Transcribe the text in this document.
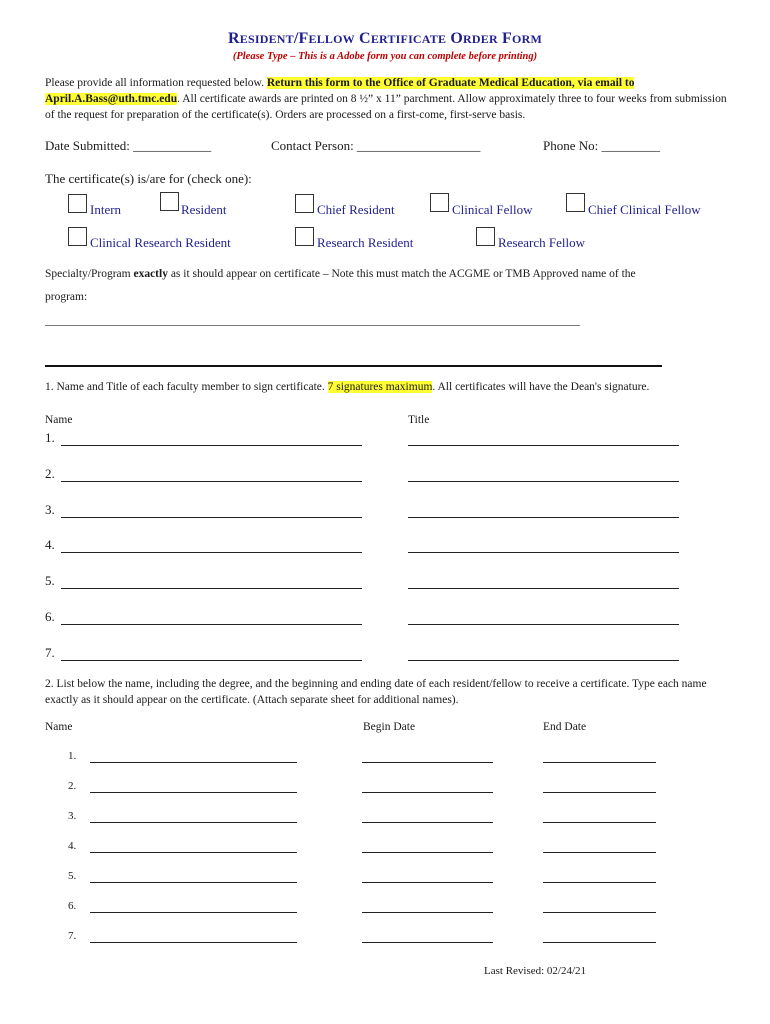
RESIDENT/FELLOW CERTIFICATE ORDER FORM
(Please Type – This is a Adobe form you can complete before printing)
Please provide all information requested below. Return this form to the Office of Graduate Medical Education, via email to April.A.Bass@uth.tmc.edu. All certificate awards are printed on 8 ½” x 11” parchment. Allow approximately three to four weeks from submission of the request for preparation of the certificate(s). Orders are processed on a first-come, first-serve basis.
Date Submitted: ____________	Contact Person: ___________________	Phone No: _________
The certificate(s) is/are for (check one):
Intern	Resident	Chief Resident	Clinical Fellow	Chief Clinical Fellow
Clinical Research Resident	Research Resident	Research Fellow
Specialty/Program exactly as it should appear on certificate – Note this must match the ACGME or TMB Approved name of the
program:
_____________________________________________________________________________________________
1. Name and Title of each faculty member to sign certificate. 7 signatures maximum. All certificates will have the Dean's signature.
Name	Title
1.
2.
3.
4.
5.
6.
7.
2. List below the name, including the degree, and the beginning and ending date of each resident/fellow to receive a certificate. Type each name exactly as it should appear on the certificate. (Attach separate sheet for additional names).
Name	Begin Date	End Date
1.
2.
3.
4.
5.
6.
7.
Last Revised: 02/24/21
